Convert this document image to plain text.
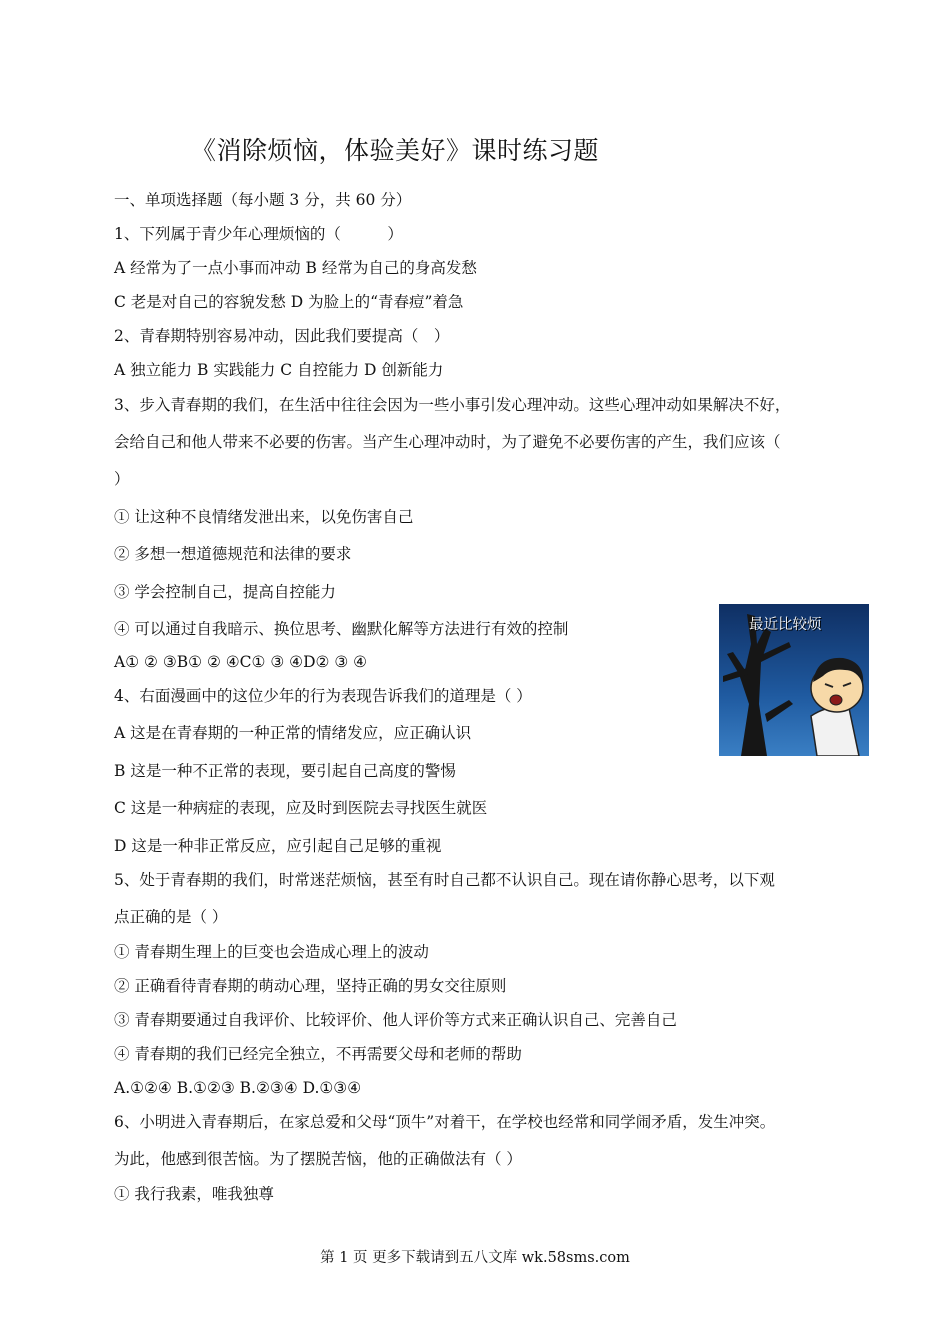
《消除烦恼，体验美好》课时练习题
一、单项选择题（每小题 3 分，共 60 分）
1、下列属于青少年心理烦恼的（　　　）
A 经常为了一点小事而冲动 B 经常为自己的身高发愁
C 老是对自己的容貌发愁 D 为脸上的“青春痘”着急
2、青春期特别容易冲动，因此我们要提高（　）
A 独立能力 B 实践能力 C 自控能力 D 创新能力
3、步入青春期的我们，在生活中往往会因为一些小事引发心理冲动。这些心理冲动如果解决不好，
会给自己和他人带来不必要的伤害。当产生心理冲动时，为了避免不必要伤害的产生，我们应该（
）
① 让这种不良情绪发泄出来，以免伤害自己
② 多想一想道德规范和法律的要求
③ 学会控制自己，提高自控能力
④ 可以通过自我暗示、换位思考、幽默化解等方法进行有效的控制
A① ② ③B① ② ④C① ③ ④D② ③ ④
4、右面漫画中的这位少年的行为表现告诉我们的道理是（ ）
A 这是在青春期的一种正常的情绪发应，应正确认识
B 这是一种不正常的表现，要引起自己高度的警惕
C 这是一种病症的表现，应及时到医院去寻找医生就医
D 这是一种非正常反应，应引起自己足够的重视
5、处于青春期的我们，时常迷茫烦恼，甚至有时自己都不认识自己。现在请你静心思考，以下观
点正确的是（ ）
① 青春期生理上的巨变也会造成心理上的波动
② 正确看待青春期的萌动心理，坚持正确的男女交往原则
③ 青春期要通过自我评价、比较评价、他人评价等方式来正确认识自己、完善自己
④ 青春期的我们已经完全独立，不再需要父母和老师的帮助
A.①②④ B.①②③ B.②③④ D.①③④
6、小明进入青春期后，在家总爱和父母“顶牛”对着干，在学校也经常和同学闹矛盾，发生冲突。
为此，他感到很苦恼。为了摆脱苦恼，他的正确做法有（ ）
① 我行我素，唯我独尊
最近比较烦
第 1 页 更多下载请到五八文库 wk.58sms.com
